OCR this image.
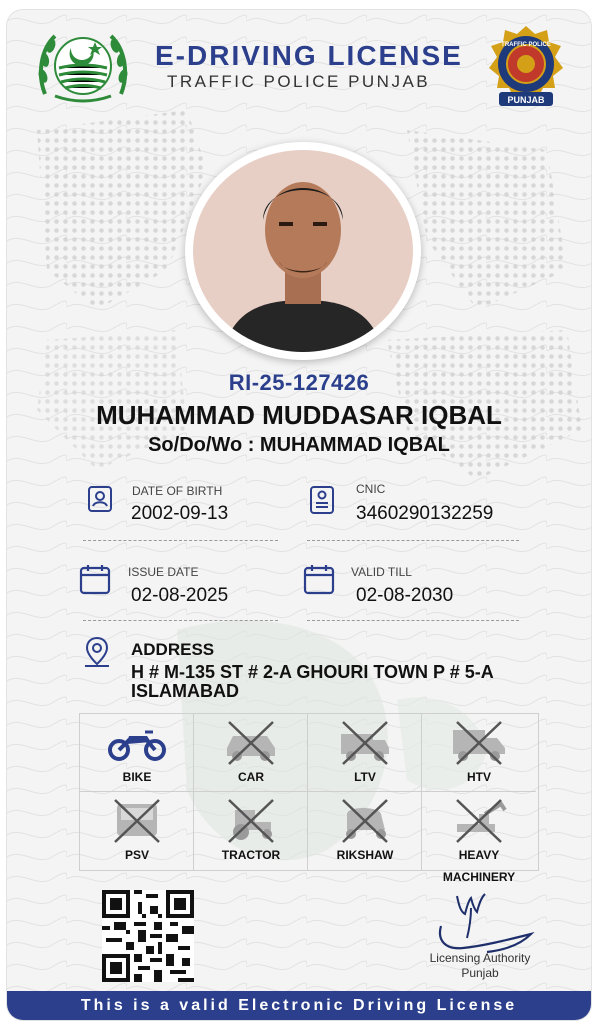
E-DRIVING LICENSE
TRAFFIC POLICE PUNJAB
TRAFFIC POLICE
PUNJAB
RI-25-127426
MUHAMMAD MUDDASAR IQBAL
So/Do/Wo : MUHAMMAD IQBAL
DATE OF BIRTH
2002-09-13
CNIC
3460290132259
ISSUE DATE
02-08-2025
VALID TILL
02-08-2030
ADDRESS
H # M-135 ST # 2-A GHOURI TOWN P # 5-A ISLAMABAD
BIKE	CAR	LTV	HTV
PSV	TRACTOR	RIKSHAW	HEAVY
MACHINERY
Licensing Authority
Punjab
This is a valid Electronic Driving License
